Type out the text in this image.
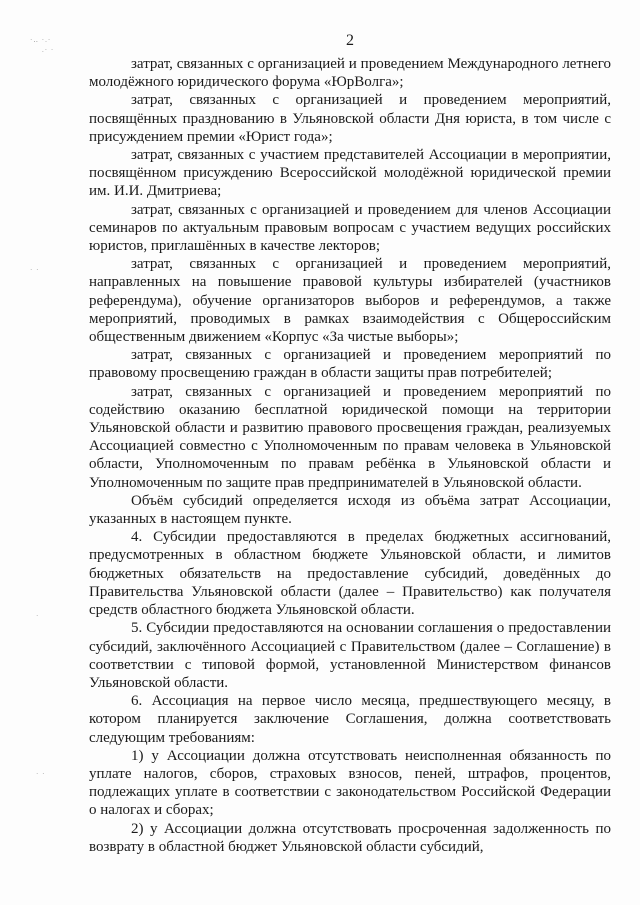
·‥ ·.·
.· ·
· ·
·
· ·
2

затрат, связанных с организацией и проведением Международного летнего молодёжного юридического форума «ЮрВолга»;

затрат, связанных с организацией и проведением мероприятий, посвящённых празднованию в Ульяновской области Дня юриста, в том числе с присуждением премии «Юрист года»;

затрат, связанных с участием представителей Ассоциации в мероприятии, посвящённом присуждению Всероссийской молодёжной юридической премии им. И.И. Дмитриева;

затрат, связанных с организацией и проведением для членов Ассоциации семинаров по актуальным правовым вопросам с участием ведущих российских юристов, приглашённых в качестве лекторов;

затрат, связанных с организацией и проведением мероприятий, направленных на повышение правовой культуры избирателей (участников референдума), обучение организаторов выборов и референдумов, а также мероприятий, проводимых в рамках взаимодействия с Общероссийским общественным движением «Корпус «За чистые выборы»;

затрат, связанных с организацией и проведением мероприятий по правовому просвещению граждан в области защиты прав потребителей;

затрат, связанных с организацией и проведением мероприятий по содействию оказанию бесплатной юридической помощи на территории Ульяновской области и развитию правового просвещения граждан, реализуемых Ассоциацией совместно с Уполномоченным по правам человека в Ульяновской области, Уполномоченным по правам ребёнка в Ульяновской области и Уполномоченным по защите прав предпринимателей в Ульяновской области.

Объём субсидий определяется исходя из объёма затрат Ассоциации, указанных в настоящем пункте.

4. Субсидии предоставляются в пределах бюджетных ассигнований, предусмотренных в областном бюджете Ульяновской области, и лимитов бюджетных обязательств на предоставление субсидий, доведённых до Правительства Ульяновской области (далее – Правительство) как получателя средств областного бюджета Ульяновской области.

5. Субсидии предоставляются на основании соглашения о предоставлении субсидий, заключённого Ассоциацией с Правительством (далее – Соглашение) в соответствии с типовой формой, установленной Министерством финансов Ульяновской области.

6. Ассоциация на первое число месяца, предшествующего месяцу, в котором планируется заключение Соглашения, должна соответствовать следующим требованиям:

1) у Ассоциации должна отсутствовать неисполненная обязанность по уплате налогов, сборов, страховых взносов, пеней, штрафов, процентов, подлежащих уплате в соответствии с законодательством Российской Федерации о налогах и сборах;

2) у Ассоциации должна отсутствовать просроченная задолженность по возврату в областной бюджет Ульяновской области субсидий,
